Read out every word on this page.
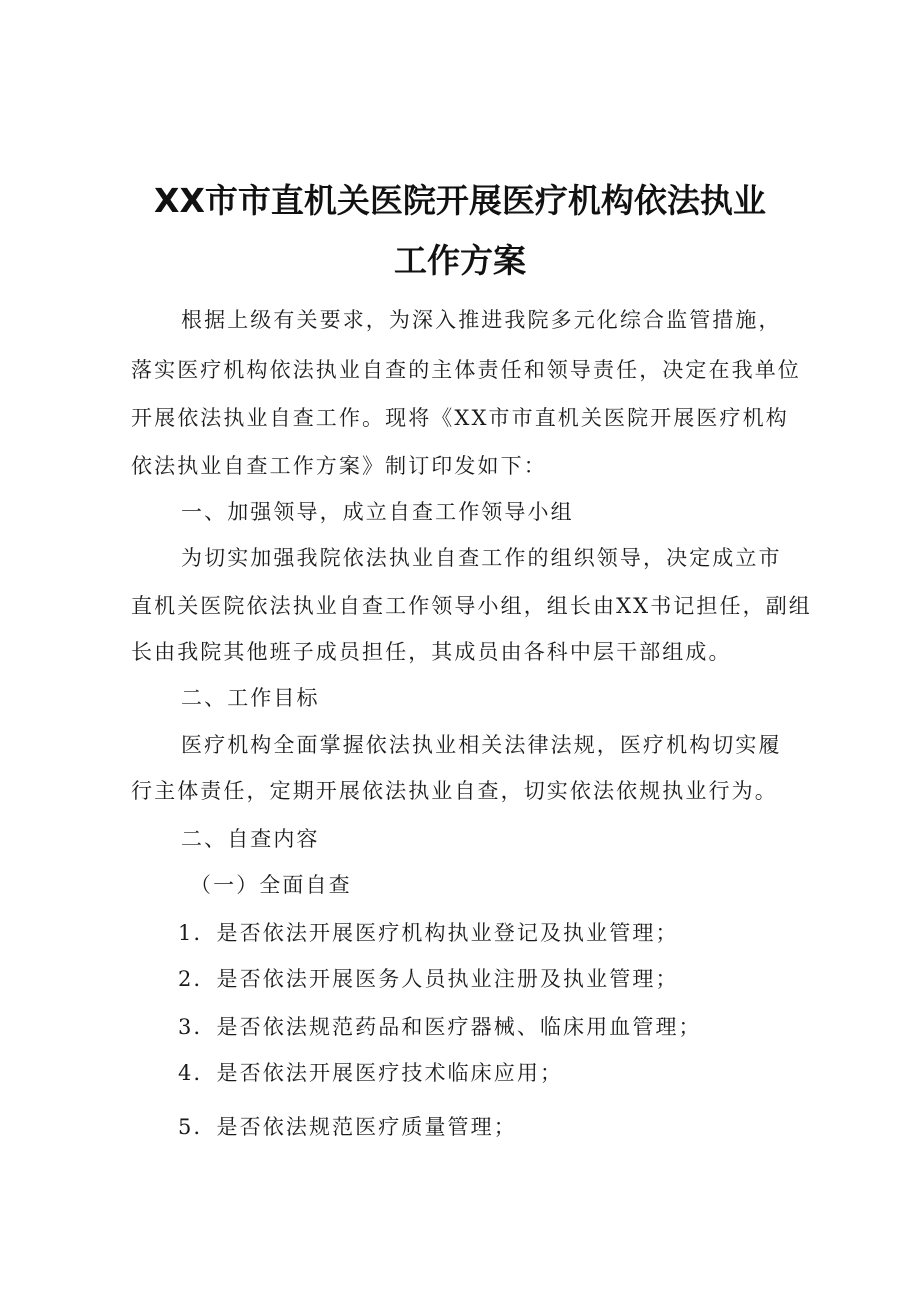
XX市市直机关医院开展医疗机构依法执业
工作方案

根据上级有关要求，为深入推进我院多元化综合监管措施，

落实医疗机构依法执业自查的主体责任和领导责任，决定在我单位

开展依法执业自查工作。现将《XX市市直机关医院开展医疗机构

依法执业自查工作方案》制订印发如下：

一、加强领导，成立自查工作领导小组

为切实加强我院依法执业自查工作的组织领导，决定成立市

直机关医院依法执业自查工作领导小组，组长由XX书记担任，副组

长由我院其他班子成员担任，其成员由各科中层干部组成。

二、工作目标

医疗机构全面掌握依法执业相关法律法规，医疗机构切实履

行主体责任，定期开展依法执业自查，切实依法依规执业行为。

二、自查内容

（一）全面自查

1．是否依法开展医疗机构执业登记及执业管理；

2．是否依法开展医务人员执业注册及执业管理；

3．是否依法规范药品和医疗器械、临床用血管理；

4．是否依法开展医疗技术临床应用；

5．是否依法规范医疗质量管理；
